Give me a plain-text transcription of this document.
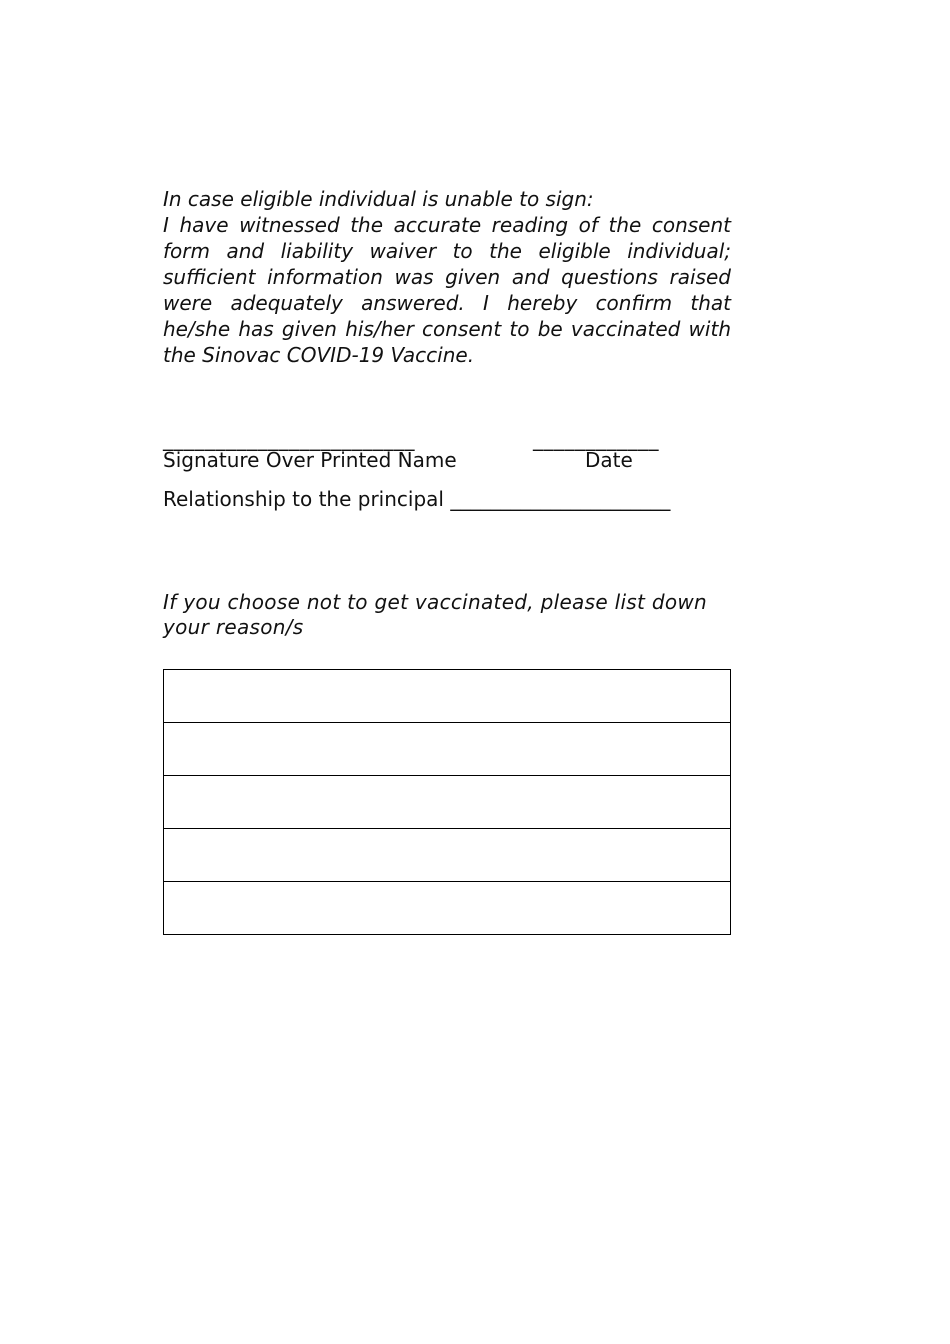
In case eligible individual is unable to sign:

I have witnessed the accurate reading of the consent form and liability waiver to the eligible individual; sufficient information was given and questions raised were adequately answered. I hereby confirm that he/she has given his/her consent to be vaccinated with the Sinovac COVID-19 Vaccine.

________________________	____________
Signature Over Printed Name	Date
Relationship to the principal ______________________

If you choose not to get vaccinated, please list down your reason/s
